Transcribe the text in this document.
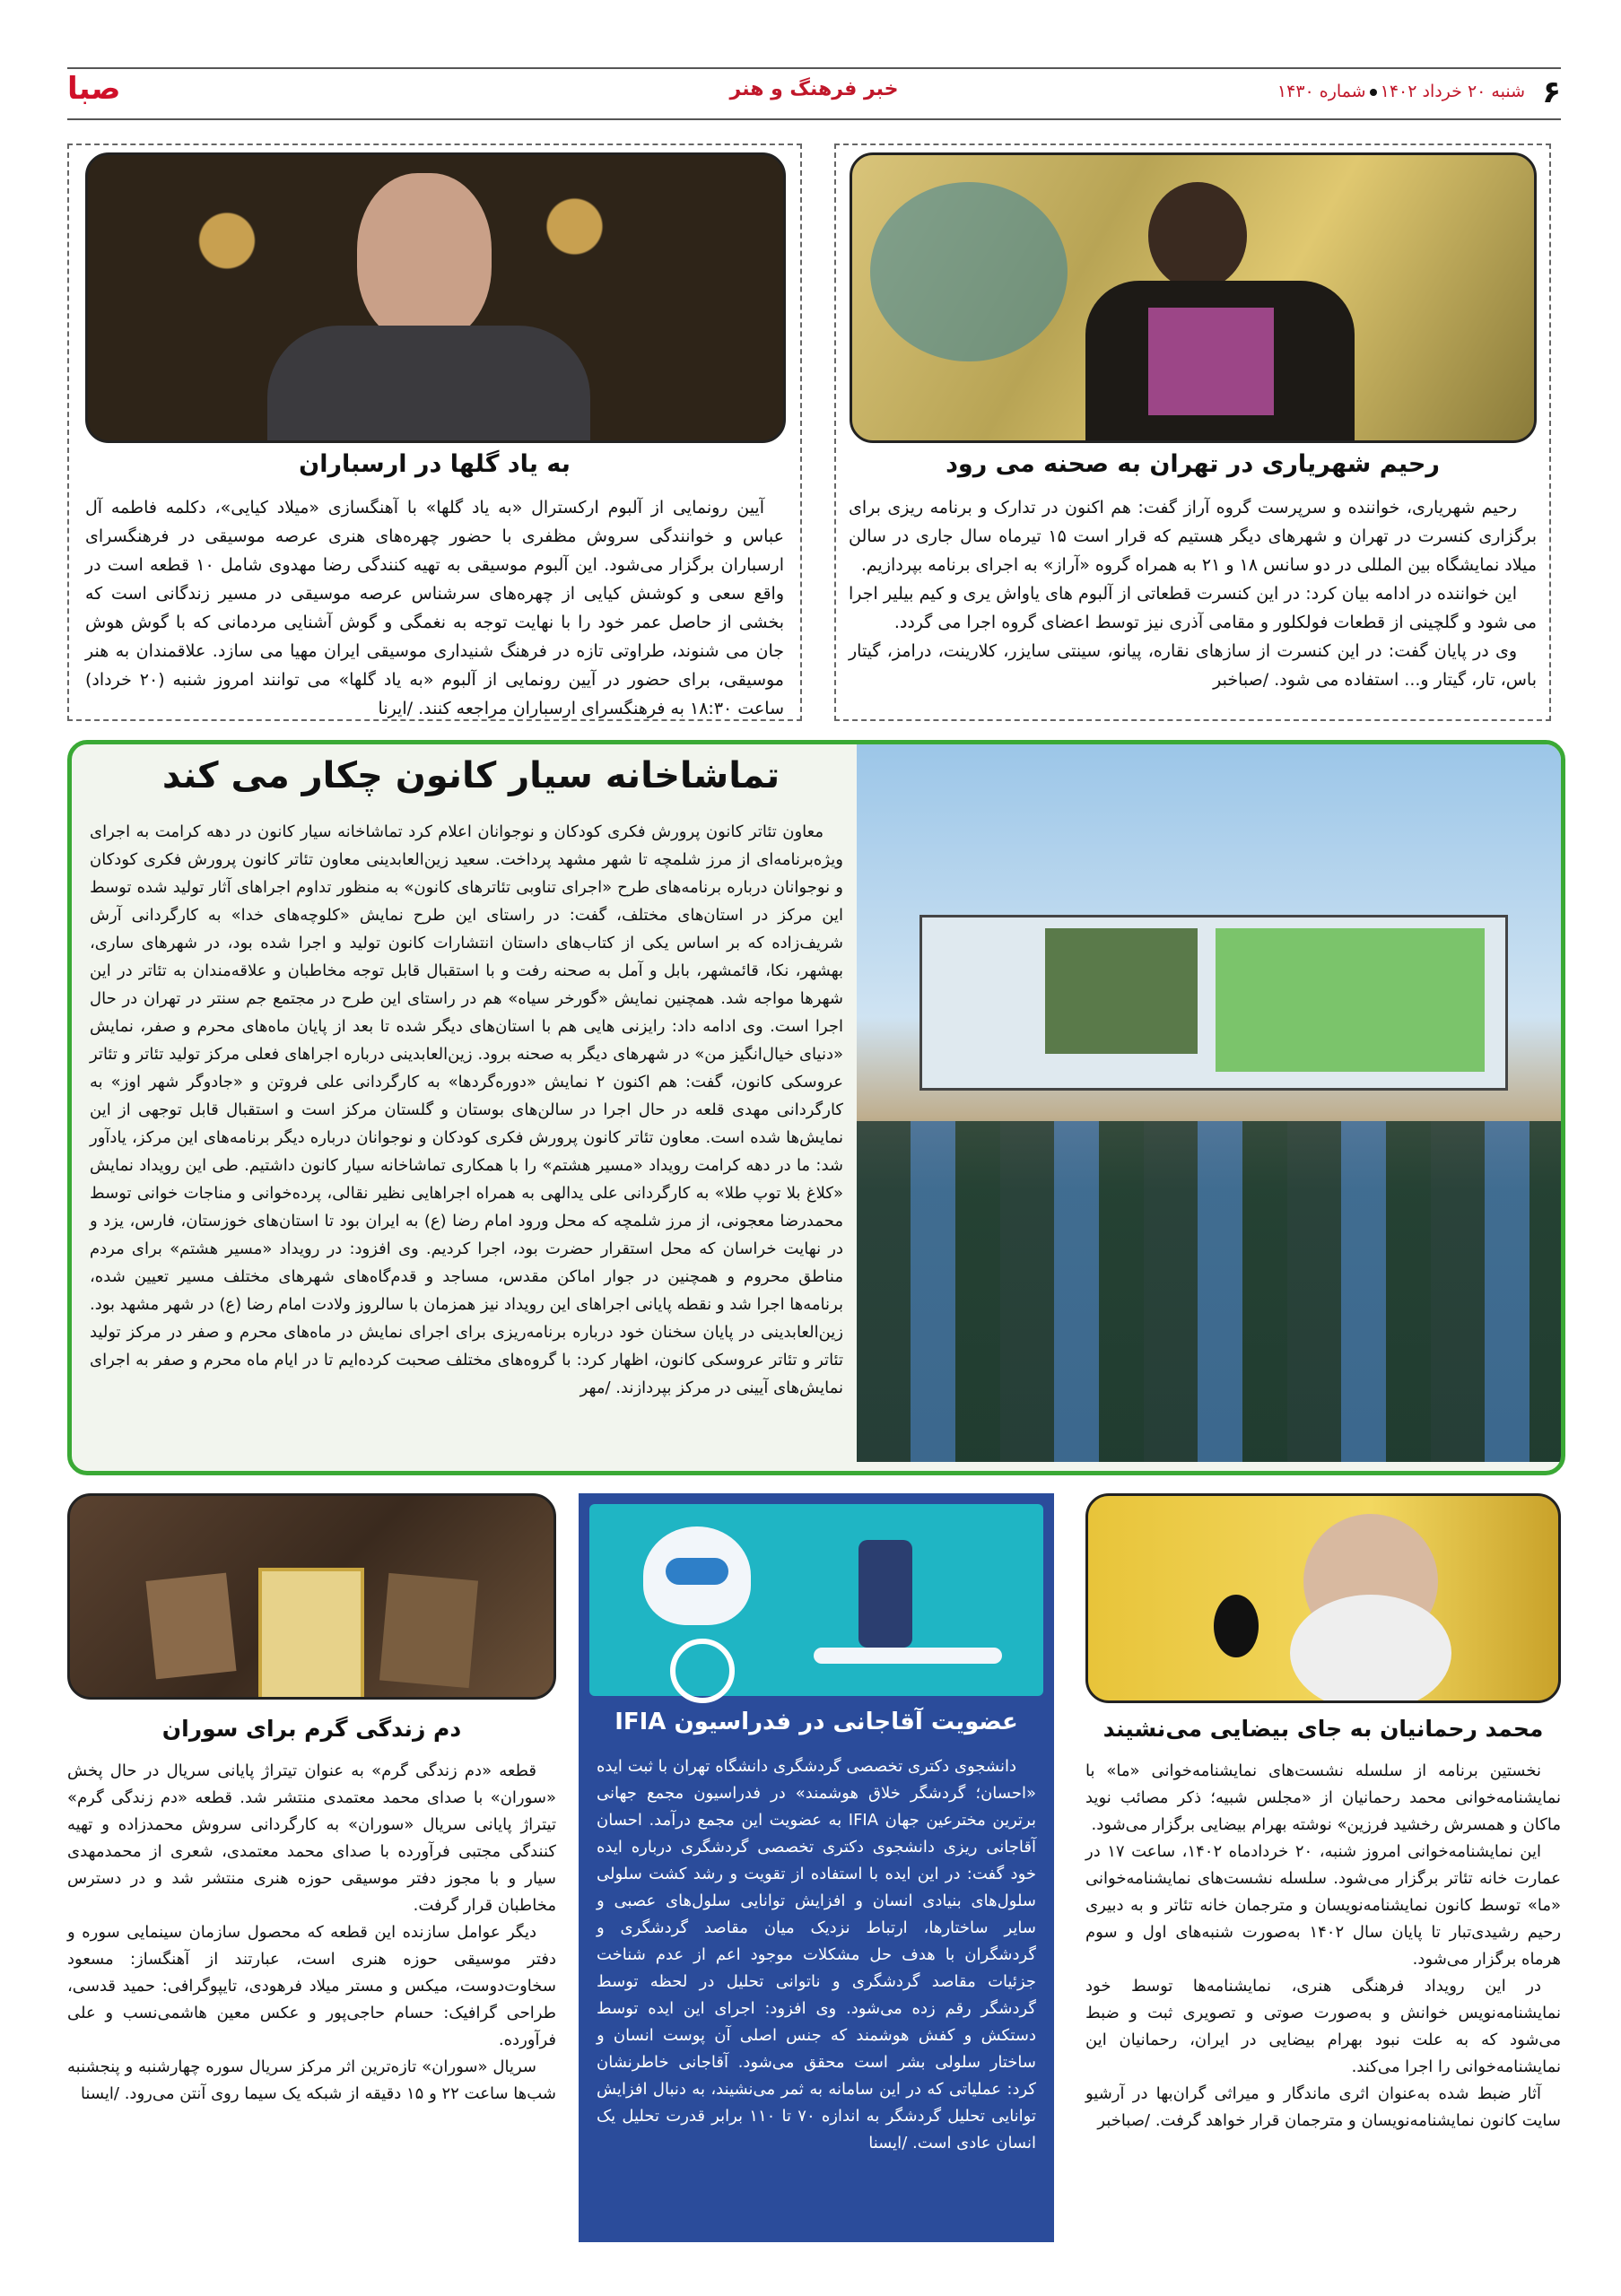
۶
شنبه ۲۰ خرداد ۱۴۰۲شماره ۱۴۳۰
خبر فرهنگ و هنر
صبا
رحیم شهریاری در تهران به صحنه می رود

رحیم شهریاری، خواننده و سرپرست گروه آراز گفت: هم اکنون در تدارک و برنامه ریزی برای برگزاری کنسرت در تهران و شهرهای دیگر هستیم که قرار است ۱۵ تیرماه سال جاری در سالن میلاد نمایشگاه بین المللی در دو سانس ۱۸ و ۲۱ به همراه گروه «آراز» به اجرای برنامه بپردازیم.

این خواننده در ادامه بیان کرد: در این کنسرت قطعاتی از آلبوم های یاواش یری و کیم بیلیر اجرا می شود و گلچینی از قطعات فولکلور و مقامی آذری نیز توسط اعضای گروه اجرا می گردد.

وی در پایان گفت: در این کنسرت از سازهای نقاره، پیانو، سینتی سایزر، کلارینت، درامز، گیتار باس، تار، گیتار و... استفاده می شود. /صباخبر

به یاد گلها در ارسباران

آیین رونمایی از آلبوم ارکسترال «به یاد گلها» با آهنگسازی «میلاد کیایی»، دکلمه فاطمه آل عباس و خوانندگی سروش مظفری با حضور چهره‌های هنری عرصه موسیقی در فرهنگسرای ارسباران برگزار می‌شود. این آلبوم موسیقی به تهیه کنندگی رضا مهدوی شامل ۱۰ قطعه است در واقع سعی و کوشش کیایی از چهره‌های سرشناس عرصه موسیقی در مسیر زندگانی است که بخشی از حاصل عمر خود را با نهایت توجه به نغمگی و گوش آشنایی مردمانی که با گوش هوش جان می شنوند، طراوتی تازه در فرهنگ شنیداری موسیقی ایران مهیا می سازد. علاقمندان به هنر موسیقی، برای حضور در آیین رونمایی از آلبوم «به یاد گلها» می توانند امروز شنبه (۲۰ خرداد) ساعت ۱۸:۳۰ به فرهنگسرای ارسباران مراجعه کنند. /ایرنا

تماشاخانه سیار کانون چکار می کند

معاون تئاتر کانون پرورش فکری کودکان و نوجوانان اعلام کرد تماشاخانه سیار کانون در دهه کرامت به اجرای ویژه‌برنامه‌ای از مرز شلمچه تا شهر مشهد پرداخت. سعید زین‌العابدینی معاون تئاتر کانون پرورش فکری کودکان و نوجوانان درباره برنامه‌های طرح «اجرای تناوبی تئاترهای کانون» به منظور تداوم اجراهای آثار تولید شده توسط این مرکز در استان‌های مختلف، گفت: در راستای این طرح نمایش «کلوچه‌های خدا» به کارگردانی آرش شریف‌زاده که بر اساس یکی از کتاب‌های داستان انتشارات کانون تولید و اجرا شده بود، در شهرهای ساری، بهشهر، نکا، قائمشهر، بابل و آمل به صحنه رفت و با استقبال قابل توجه مخاطبان و علاقه‌مندان به تئاتر در این شهرها مواجه شد. همچنین نمایش «گورخر سیاه» هم در راستای این طرح در مجتمع جم سنتر در تهران در حال اجرا است. وی ادامه داد: رایزنی هایی هم با استان‌های دیگر شده تا بعد از پایان ماه‌های محرم و صفر، نمایش «دنیای خیال‌انگیز من» در شهرهای دیگر به صحنه برود. زین‌العابدینی درباره اجراهای فعلی مرکز تولید تئاتر و تئاتر عروسکی کانون، گفت: هم اکنون ۲ نمایش «دوره‌گردها» به کارگردانی علی فروتن و «جادوگر شهر اوز» به کارگردانی مهدی قلعه در حال اجرا در سالن‌های بوستان و گلستان مرکز است و استقبال قابل توجهی از این نمایش‌ها شده است. معاون تئاتر کانون پرورش فکری کودکان و نوجوانان درباره دیگر برنامه‌های این مرکز، یادآور شد: ما در دهه کرامت رویداد «مسیر هشتم» را با همکاری تماشاخانه سیار کانون داشتیم. طی این رویداد نمایش «کلاغ بلا توپ طلا» به کارگردانی علی یدالهی به همراه اجراهایی نظیر نقالی، پرده‌خوانی و مناجات خوانی توسط محمدرضا معجونی، از مرز شلمچه که محل ورود امام رضا (ع) به ایران بود تا استان‌های خوزستان، فارس، یزد و در نهایت خراسان که محل استقرار حضرت بود، اجرا کردیم. وی افزود: در رویداد «مسیر هشتم» برای مردم مناطق محروم و همچنین در جوار اماکن مقدس، مساجد و قدم‌گاه‌های شهرهای مختلف مسیر تعیین شده، برنامه‌ها اجرا شد و نقطه پایانی اجراهای این رویداد نیز همزمان با سالروز ولادت امام رضا (ع) در شهر مشهد بود. زین‌العابدینی در پایان سخنان خود درباره برنامه‌ریزی برای اجرای نمایش در ماه‌های محرم و صفر در مرکز تولید تئاتر و تئاتر عروسکی کانون، اظهار کرد: با گروه‌های مختلف صحبت کرده‌ایم تا در ایام ماه محرم و صفر به اجرای نمایش‌های آیینی در مرکز بپردازند. /مهر

محمد رحمانیان به جای بیضایی می‌نشیند

نخستین برنامه از سلسله نشست‌های نمایشنامه‌خوانی «ما» با نمایشنامه‌خوانی محمد رحمانیان از «مجلس شبیه؛ ذکر مصائب نوید ماکان و همسرش رخشید فرزین» نوشته بهرام بیضایی برگزار می‌شود.

این نمایشنامه‌خوانی امروز شنبه، ۲۰ خردادماه ۱۴۰۲، ساعت ۱۷ در عمارت خانه تئاتر برگزار می‌شود. سلسله نشست‌های نمایشنامه‌خوانی «ما» توسط کانون نمایشنامه‌نویسان و مترجمان خانه تئاتر و به دبیری رحیم رشیدی‌تبار تا پایان سال ۱۴۰۲ به‌صورت شنبه‌های اول و سوم هرماه برگزار می‌شود.

در این رویداد فرهنگی هنری، نمایشنامه‌ها توسط خود نمایشنامه‌نویس خوانش و به‌صورت صوتی و تصویری ثبت و ضبط می‌شود که به علت نبود بهرام بیضایی در ایران، رحمانیان این نمایشنامه‌خوانی را اجرا می‌کند.

آثار ضبط شده به‌عنوان اثری ماندگار و میراثی گران‌بها در آرشیو سایت کانون نمایشنامه‌نویسان و مترجمان قرار خواهد گرفت. /صباخبر

عضویت آقاجانی در فدراسیون IFIA

دانشجوی دکتری تخصصی گردشگری دانشگاه تهران با ثبت ایده «احسان؛ گردشگر خلاق هوشمند» در فدراسیون مجمع جهانی برترین مخترعین جهان IFIA به عضویت این مجمع درآمد. احسان آقاجانی ریزی دانشجوی دکتری تخصصی گردشگری درباره ایده خود گفت: در این ایده با استفاده از تقویت و رشد کشت سلولی سلول‌های بنیادی انسان و افزایش توانایی سلول‌های عصبی و سایر ساختارها، ارتباط نزدیک میان مقاصد گردشگری و گردشگران با هدف حل مشکلات موجود اعم از عدم شناخت جزئیات مقاصد گردشگری و ناتوانی تحلیل در لحظه توسط گردشگر رقم زده می‌شود. وی افزود: اجرای این ایده توسط دستکش و کفش هوشمند که جنس اصلی آن پوست انسان و ساختار سلولی بشر است محقق می‌شود. آقاجانی خاطرنشان کرد: عملیاتی که در این سامانه به ثمر می‌نشیند، به دنبال افزایش توانایی تحلیل گردشگر به اندازه ۷۰ تا ۱۱۰ برابر قدرت تحلیل یک انسان عادی است. /ایسنا

دم زندگی گرم برای سوران

قطعه «دم زندگی گرم» به عنوان تیتراژ پایانی سریال در حال پخش «سوران» با صدای محمد معتمدی منتشر شد. قطعه «دم زندگی گرم» تیتراژ پایانی سریال «سوران» به کارگردانی سروش محمدزاده و تهیه کنندگی مجتبی فرآورده با صدای محمد معتمدی، شعری از محمدمهدی سیار و با مجوز دفتر موسیقی حوزه هنری منتشر شد و در دسترس مخاطبان قرار گرفت.

دیگر عوامل سازنده این قطعه که محصول سازمان سینمایی سوره و دفتر موسیقی حوزه هنری است، عبارتند از آهنگساز: مسعود سخاوت‌دوست، میکس و مستر میلاد فرهودی، تایپوگرافی: حمید قدسی، طراحی گرافیک: حسام حاجی‌پور و عکس معین هاشمی‌نسب و علی فرآورده.

سریال «سوران» تازه‌ترین اثر مرکز سریال سوره چهارشنبه و پنجشنبه شب‌ها ساعت ۲۲ و ۱۵ دقیقه از شبکه یک سیما روی آنتن می‌رود. /ایسنا
